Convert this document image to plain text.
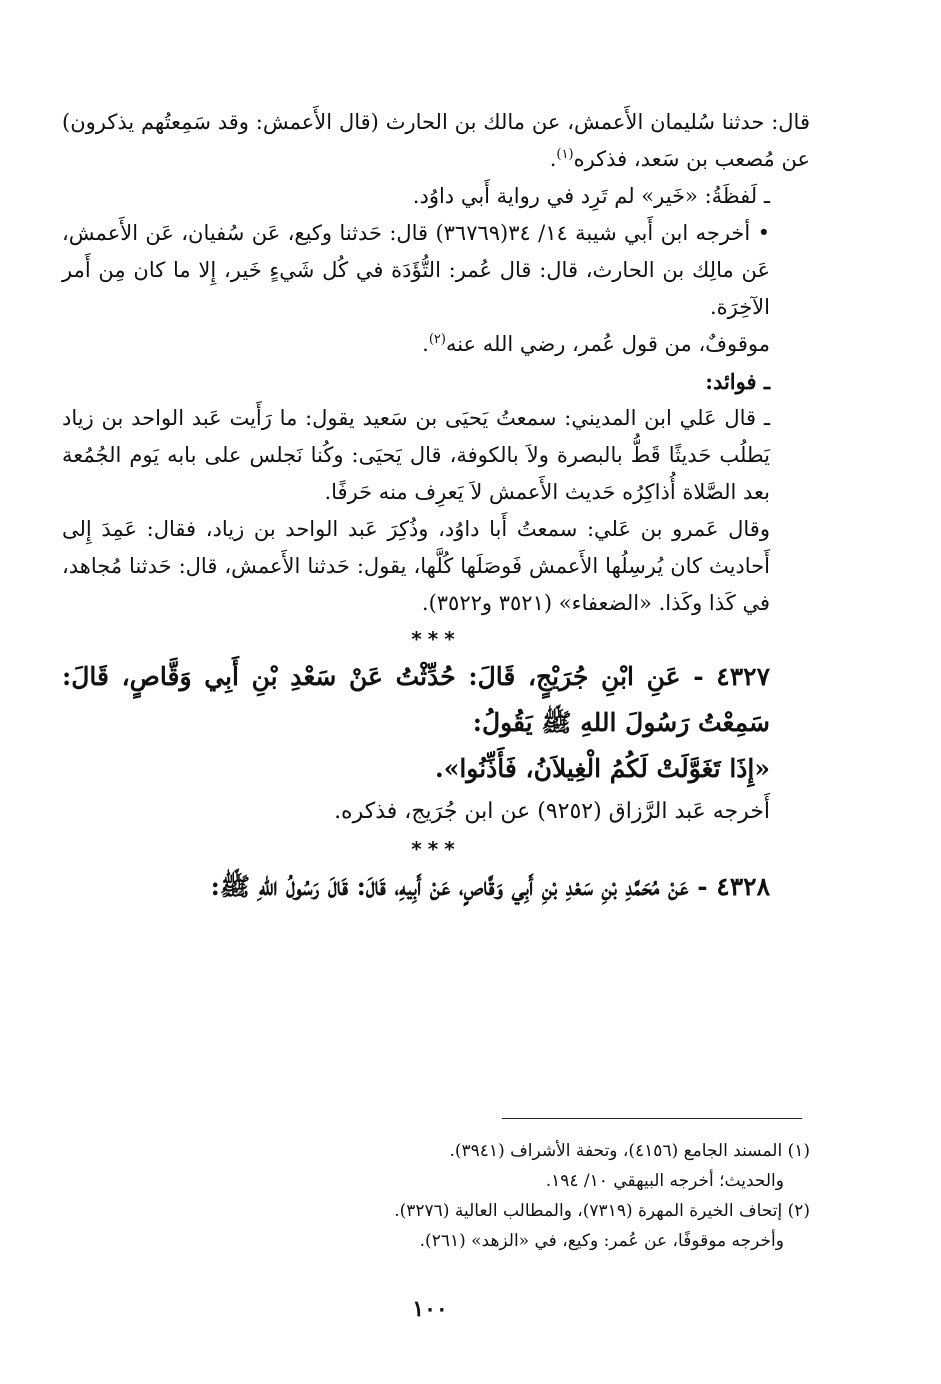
قال: حدثنا سُليمان الأَعمش، عن مالك بن الحارث (قال الأَعمش: وقد سَمِعتُهم يذكرون) عن مُصعب بن سَعد، فذكره$^{(١)}$.

ـ لَفظَةُ: «خَير» لم تَرِد في رواية أَبي داوُد.

• أخرجه ابن أَبي شيبة ١٤/ ٣٤(٣٦٧٦٩) قال: حَدثنا وكيع، عَن سُفيان، عَن الأَعمش، عَن مالِك بن الحارث، قال: قال عُمر: التُّؤَدَة في كُل شَيءٍ خَير، إِلا ما كان مِن أَمر الآخِرَة.

موقوفٌ، من قول عُمر، رضي الله عنه$^{(٢)}$.

ـ فوائد:

ـ قال عَلي ابن المديني: سمعتُ يَحيَى بن سَعيد يقول: ما رَأَيت عَبد الواحد بن زياد يَطلُب حَديثًا قَطُّ بالبصرة ولاَ بالكوفة، قال يَحيَى: وكُنا نَجلس على بابه يَوم الجُمُعة بعد الصَّلاة أُذاكِرُه حَديث الأَعمش لاَ يَعرِف منه حَرفًا.

وقال عَمرو بن عَلي: سمعتُ أَبا داوُد، وذُكِرَ عَبد الواحد بن زياد، فقال: عَمِدَ إِلى أَحاديث كان يُرسِلُها الأَعمش فَوصَلَها كُلَّها، يقول: حَدثنا الأَعمش، قال: حَدثنا مُجاهد، في كَذا وكَذا. «الضعفاء» (٣٥٢١ و٣٥٢٢).

***

٤٣٢٧ - عَنِ ابْنِ جُرَيْجٍ، قَالَ: حُدِّثْتُ عَنْ سَعْدِ بْنِ أَبِي وَقَّاصٍ، قَالَ: سَمِعْتُ رَسُولَ اللهِ ﷺ يَقُولُ:

«إِذَا تَغَوَّلَتْ لَكُمُ الْغِيلاَنُ، فَأَذِّنُوا».

أَخرجه عَبد الرَّزاق (٩٢٥٢) عن ابن جُرَيج، فذكره.

***

٤٣٢٨ - عَنْ مُحَمَّدِ بْنِ سَعْدِ بْنِ أَبِي وَقَّاصٍ، عَنْ أَبِيهِ، قَالَ: قَالَ رَسُولُ اللهِ ﷺ:

(١) المسند الجامع (٤١٥٦)، وتحفة الأشراف (٣٩٤١).

والحديث؛ أخرجه البيهقي ١٠/ ١٩٤.

(٢) إتحاف الخيرة المهرة (٧٣١٩)، والمطالب العالية (٣٢٧٦).

وأخرجه موقوفًا، عن عُمر: وكيع، في «الزهد» (٢٦١).

١٠٠
